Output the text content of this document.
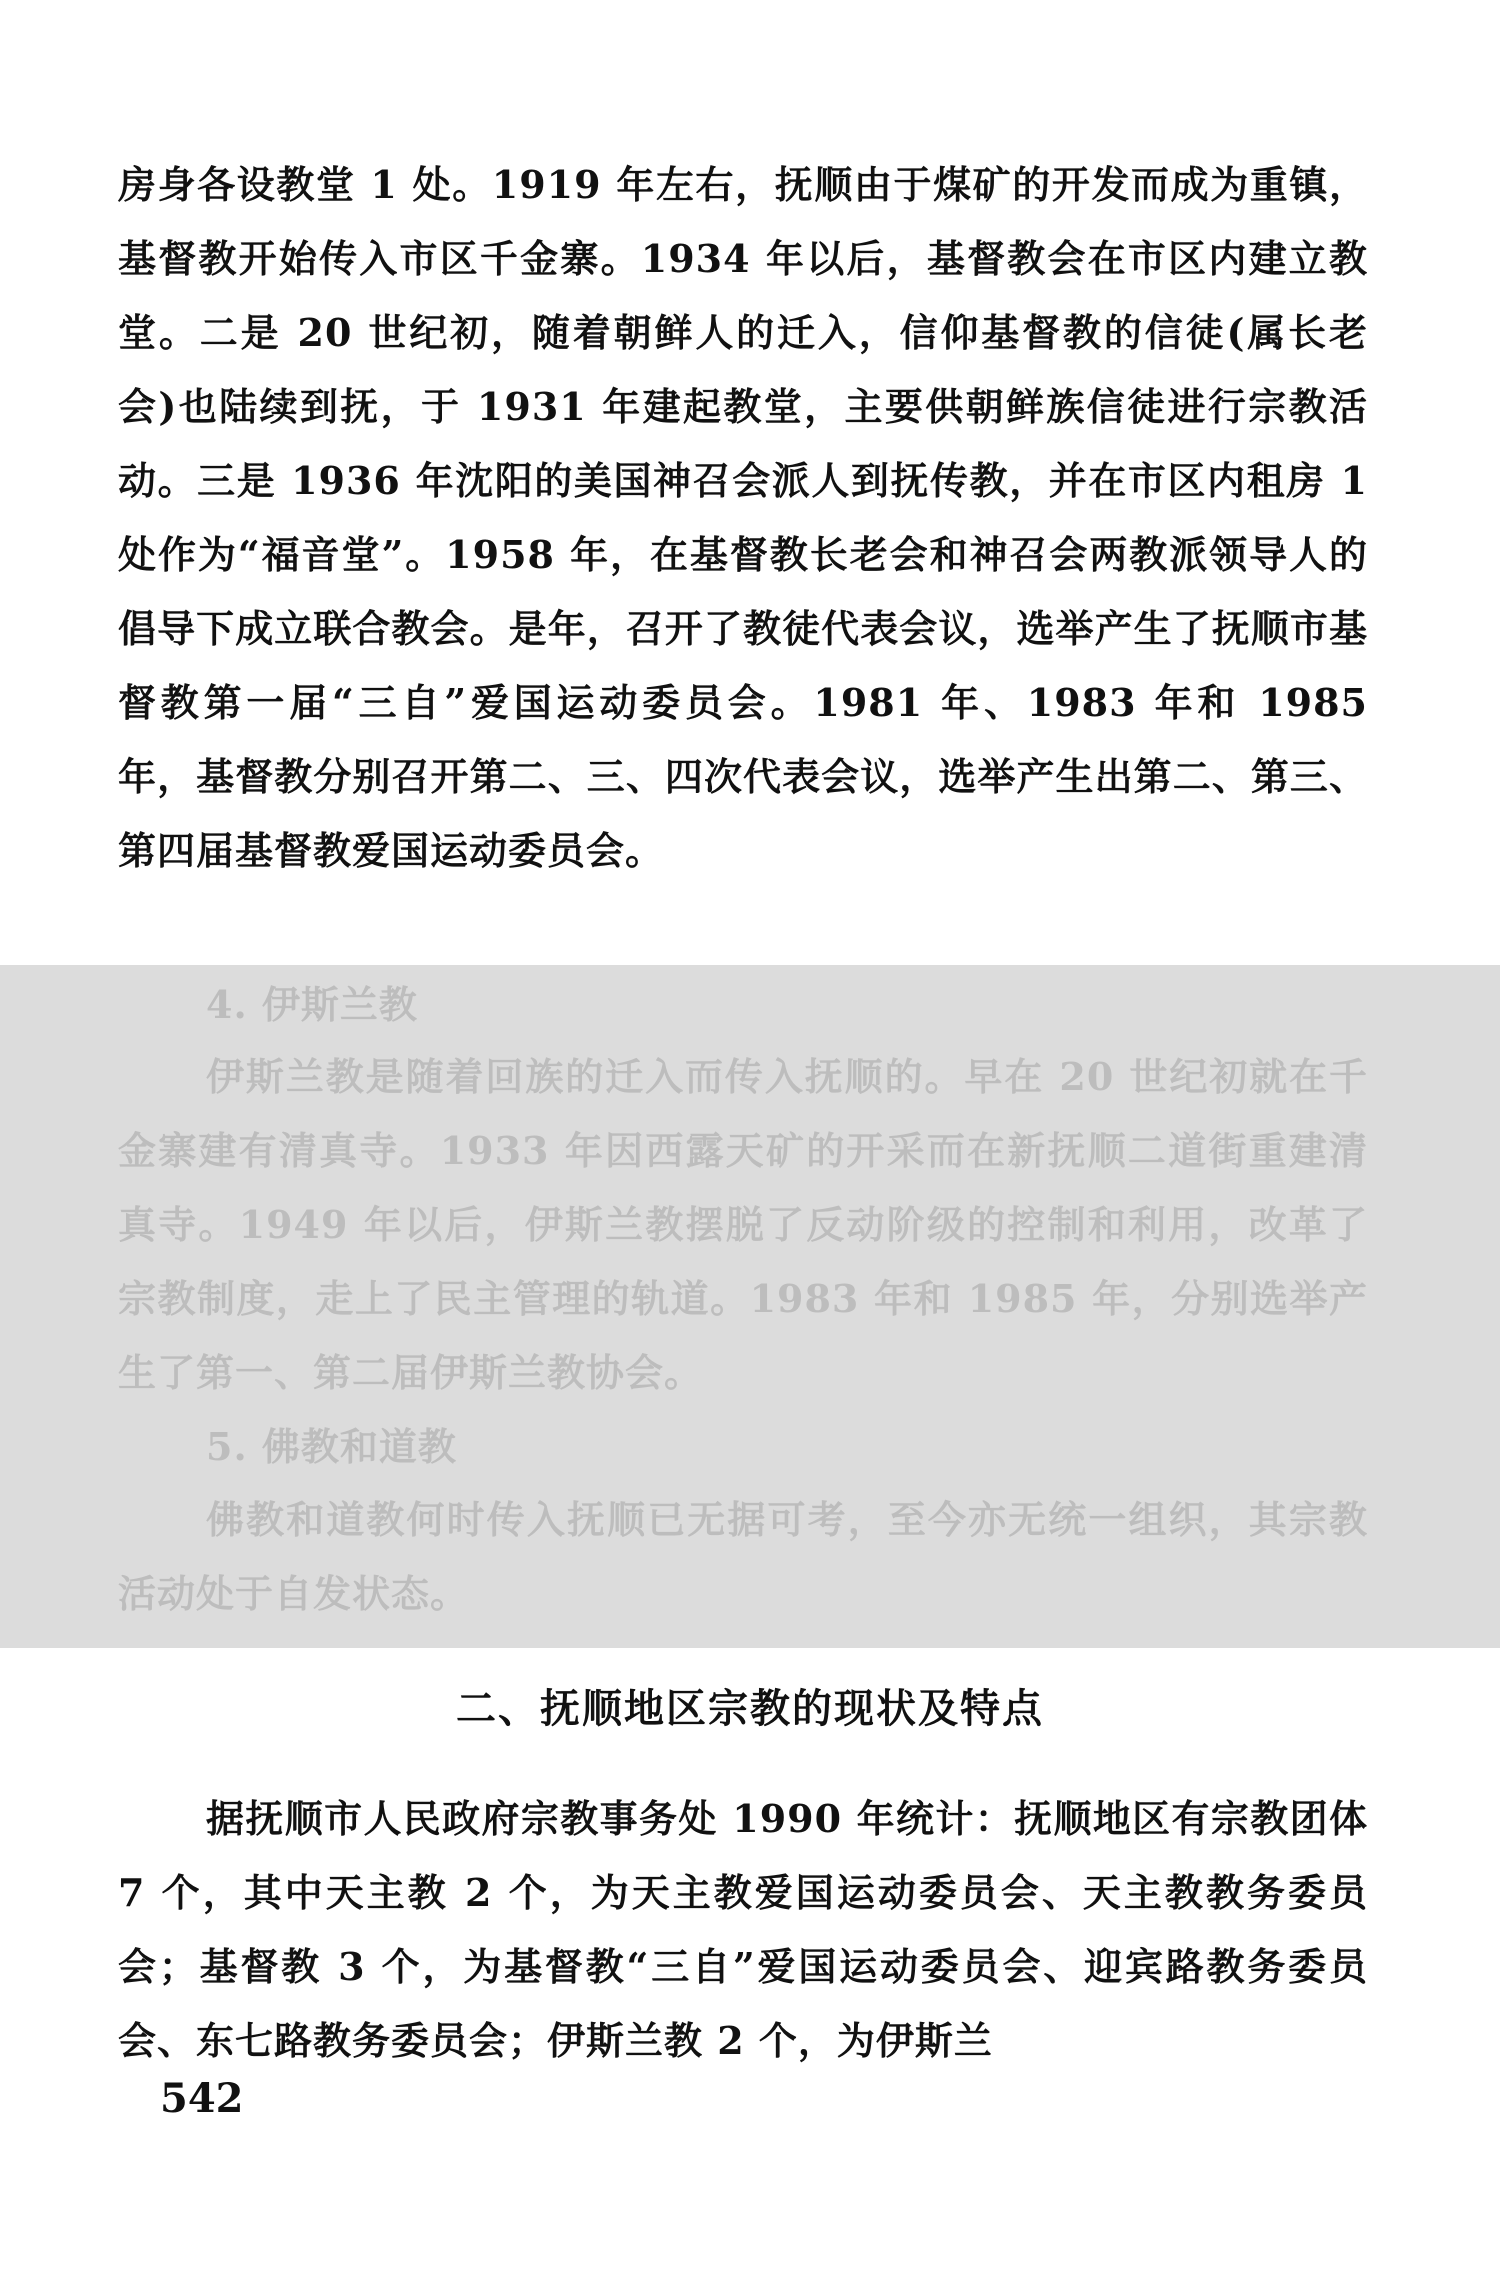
房身各设教堂 1 处。1919 年左右，抚顺由于煤矿的开发而成为重镇，基督教开始传入市区千金寨。1934 年以后，基督教会在市区内建立教堂。二是 20 世纪初，随着朝鲜人的迁入，信仰基督教的信徒(属长老会)也陆续到抚，于 1931 年建起教堂，主要供朝鲜族信徒进行宗教活动。三是 1936 年沈阳的美国神召会派人到抚传教，并在市区内租房 1 处作为“福音堂”。1958 年，在基督教长老会和神召会两教派领导人的倡导下成立联合教会。是年，召开了教徒代表会议，选举产生了抚顺市基督教第一届“三自”爱国运动委员会。1981 年、1983 年和 1985 年，基督教分别召开第二、三、四次代表会议，选举产生出第二、第三、第四届基督教爱国运动委员会。

4. 伊斯兰教

伊斯兰教是随着回族的迁入而传入抚顺的。早在 20 世纪初就在千金寨建有清真寺。1933 年因西露天矿的开采而在新抚顺二道街重建清真寺。1949 年以后，伊斯兰教摆脱了反动阶级的控制和利用，改革了宗教制度，走上了民主管理的轨道。1983 年和 1985 年，分别选举产生了第一、第二届伊斯兰教协会。

5. 佛教和道教

佛教和道教何时传入抚顺已无据可考，至今亦无统一组织，其宗教活动处于自发状态。

二、抚顺地区宗教的现状及特点

据抚顺市人民政府宗教事务处 1990 年统计：抚顺地区有宗教团体 7 个，其中天主教 2 个，为天主教爱国运动委员会、天主教教务委员会；基督教 3 个，为基督教“三自”爱国运动委员会、迎宾路教务委员会、东七路教务委员会；伊斯兰教 2 个，为伊斯兰

542
